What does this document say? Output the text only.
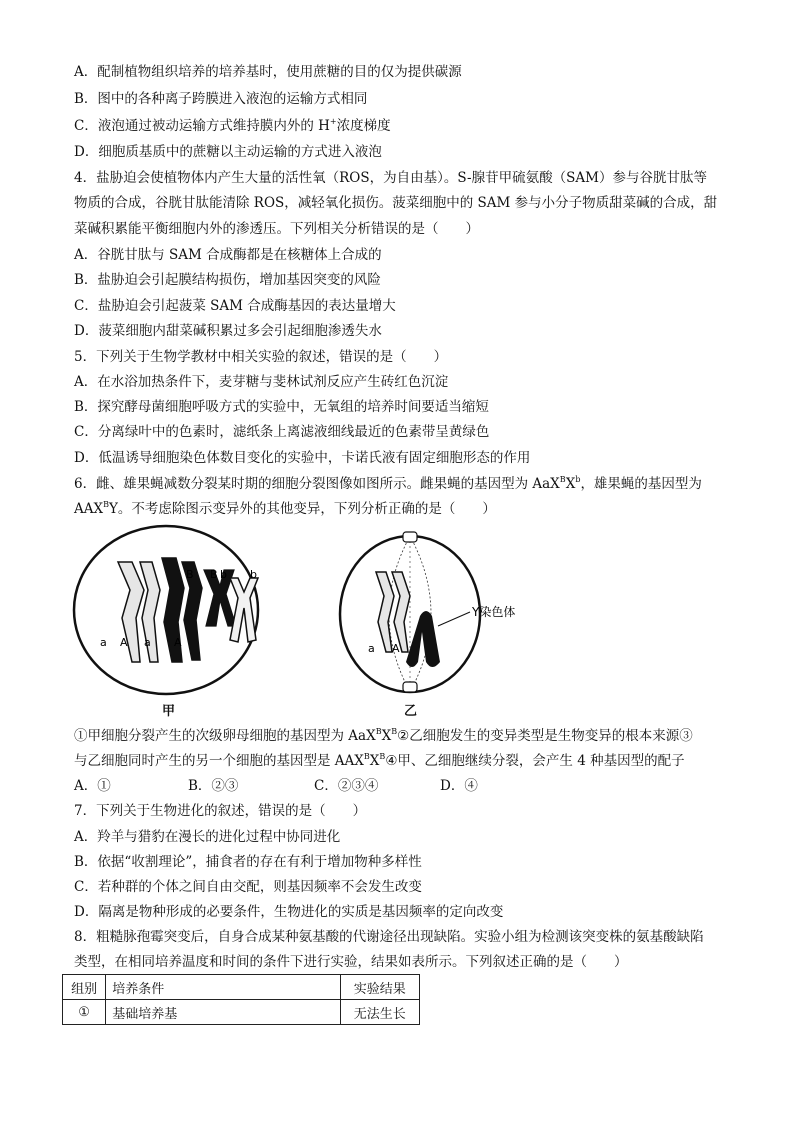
A．配制植物组织培养的培养基时，使用蔗糖的目的仅为提供碳源
B．图中的各种离子跨膜进入液泡的运输方式相同
C．液泡通过被动运输方式维持膜内外的 H+浓度梯度
D．细胞质基质中的蔗糖以主动运输的方式进入液泡
4．盐胁迫会使植物体内产生大量的活性氧（ROS，为自由基）。S-腺苷甲硫氨酸（SAM）参与谷胱甘肽等
物质的合成，谷胱甘肽能清除 ROS，减轻氧化损伤。菠菜细胞中的 SAM 参与小分子物质甜菜碱的合成，甜
菜碱积累能平衡细胞内外的渗透压。下列相关分析错误的是（　　）
A．谷胱甘肽与 SAM 合成酶都是在核糖体上合成的
B．盐胁迫会引起膜结构损伤，增加基因突变的风险
C．盐胁迫会引起菠菜 SAM 合成酶基因的表达量增大
D．菠菜细胞内甜菜碱积累过多会引起细胞渗透失水
5．下列关于生物学教材中相关实验的叙述，错误的是（　　）
A．在水浴加热条件下，麦芽糖与斐林试剂反应产生砖红色沉淀
B．探究酵母菌细胞呼吸方式的实验中，无氧组的培养时间要适当缩短
C．分离绿叶中的色素时，滤纸条上离滤液细线最近的色素带呈黄绿色
D．低温诱导细胞染色体数目变化的实验中，卡诺氏液有固定细胞形态的作用
6．雌、雄果蝇减数分裂某时期的细胞分裂图像如图所示。雌果蝇的基因型为 $AaX^BX^b$，雄果蝇的基因型为
$AAX^BY$。不考虑除图示变异外的其他变异，下列分析正确的是（　　）
a A a A
B B b b
Y染色体
a A
甲	乙
①甲细胞分裂产生的次级卵母细胞的基因型为 $AaX^BX^B②$乙细胞发生的变异类型是生物变异的根本来源③
与乙细胞同时产生的另一个细胞的基因型是 $AAX^BX^B④$甲、乙细胞继续分裂，会产生 4 种基因型的配子
A．①	B．②③	C．②③④	D．④
7．下列关于生物进化的叙述，错误的是（　　）
A．羚羊与猎豹在漫长的进化过程中协同进化
B．依据“收割理论”，捕食者的存在有利于增加物种多样性
C．若种群的个体之间自由交配，则基因频率不会发生改变
D．隔离是物种形成的必要条件，生物进化的实质是基因频率的定向改变
8．粗糙脉孢霉突变后，自身合成某种氨基酸的代谢途径出现缺陷。实验小组为检测该突变株的氨基酸缺陷
类型，在相同培养温度和时间的条件下进行实验，结果如表所示。下列叙述正确的是（　　）
组别	培养条件	实验结果
①	基础培养基	无法生长
